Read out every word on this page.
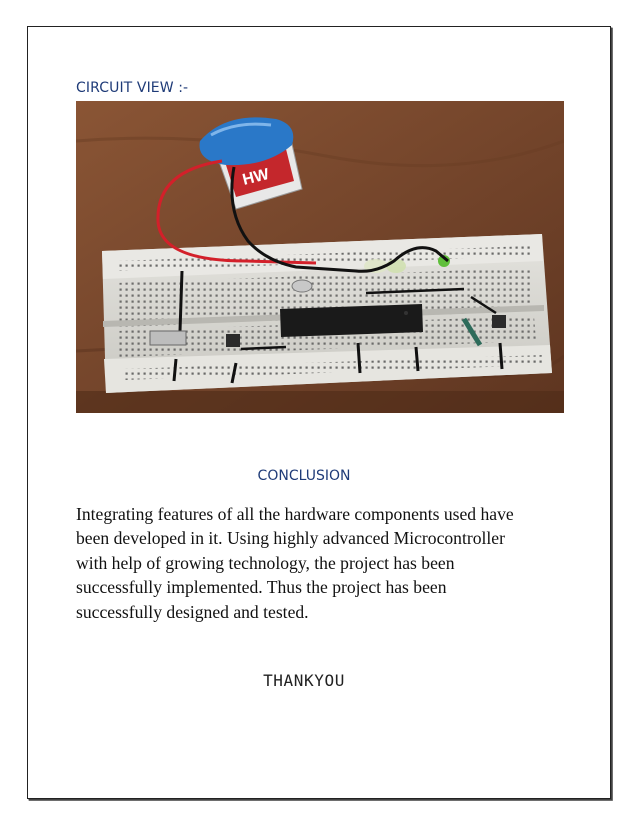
CIRCUIT VIEW :-
HW
CONCLUSION
Integrating features of all the hardware components used have
been developed in it. Using highly advanced Microcontroller
with help of growing technology, the project has been
successfully implemented. Thus the project has been
successfully designed and tested.
THANKYOU
